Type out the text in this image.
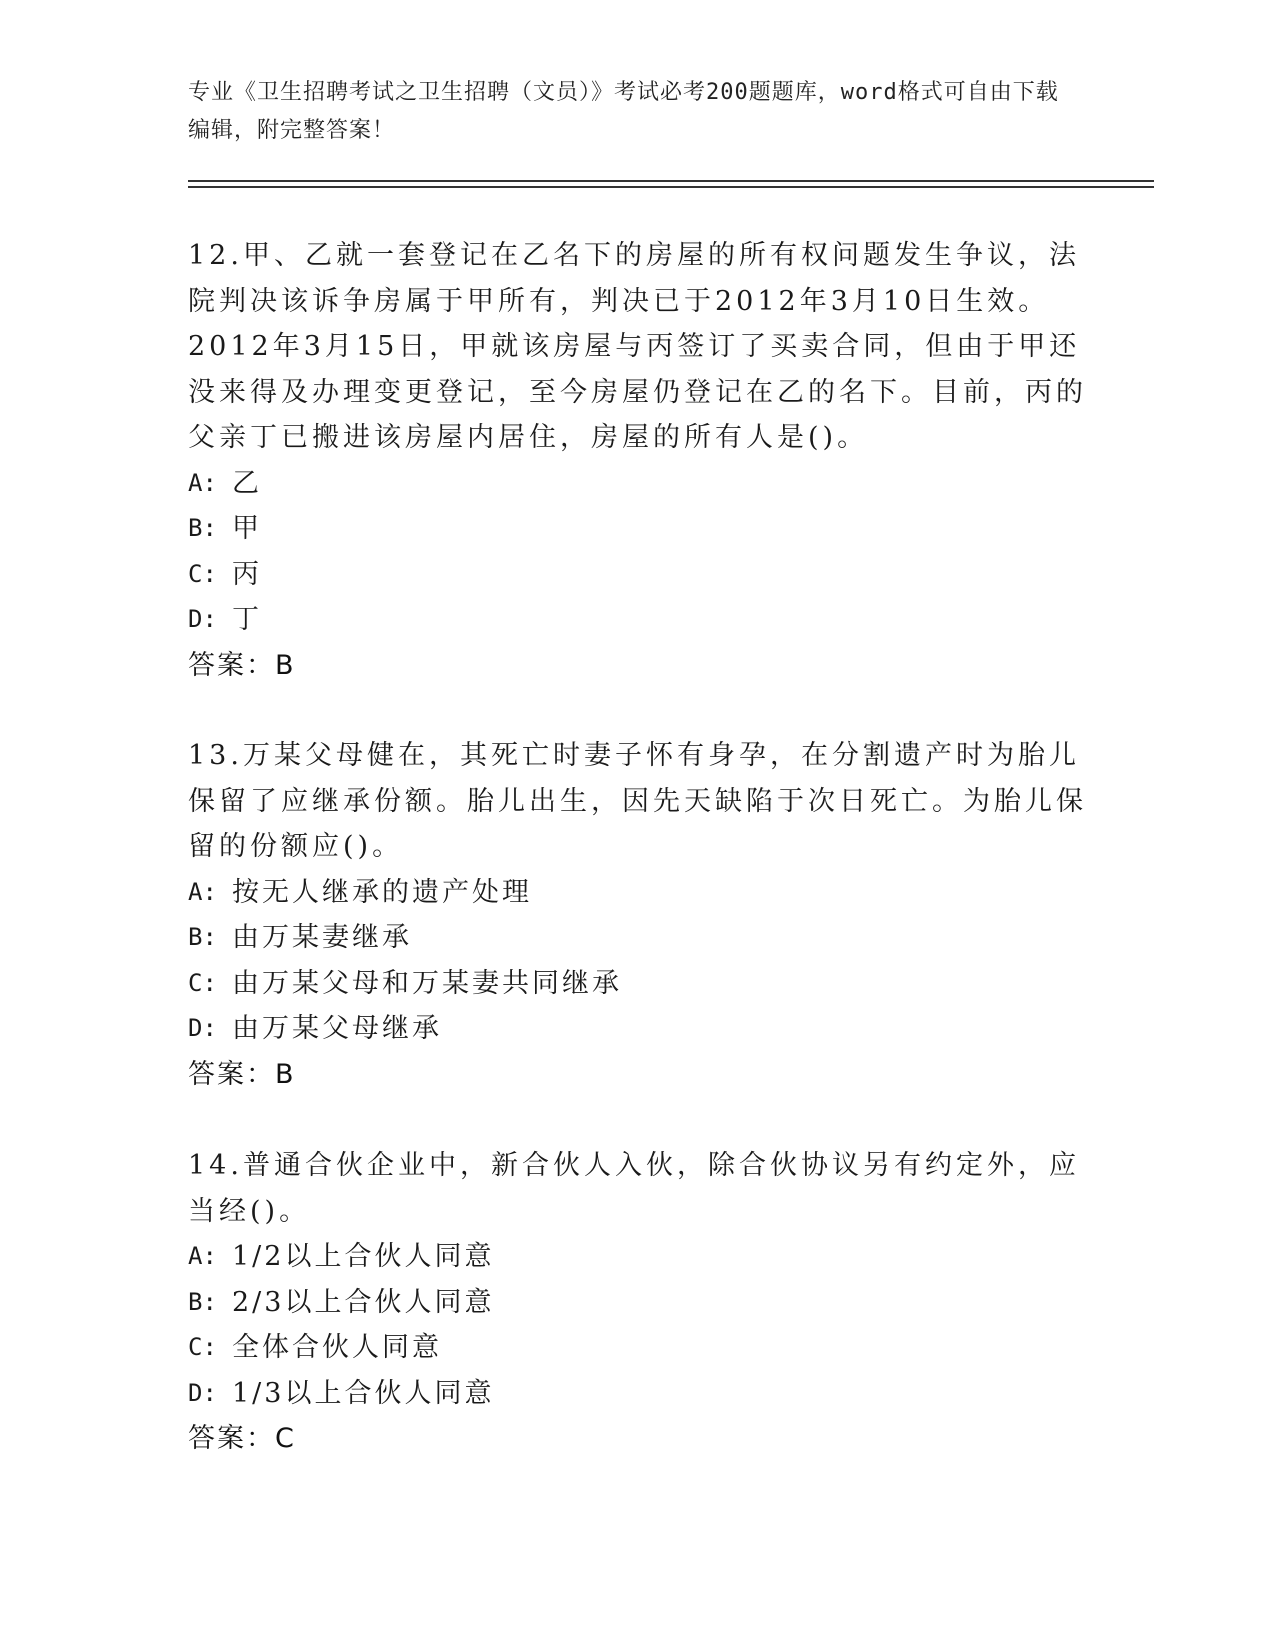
专业《卫生招聘考试之卫生招聘（文员）》考试必考200题题库，word格式可自由下载编辑，附完整答案！

12.甲、乙就一套登记在乙名下的房屋的所有权问题发生争议，法院判决该诉争房属于甲所有，判决已于2012年3月10日生效。2012年3月15日，甲就该房屋与丙签订了买卖合同，但由于甲还没来得及办理变更登记，至今房屋仍登记在乙的名下。目前，丙的父亲丁已搬进该房屋内居住，房屋的所有人是()。

A: 乙

B: 甲

C: 丙

D: 丁

答案：B

13.万某父母健在，其死亡时妻子怀有身孕，在分割遗产时为胎儿保留了应继承份额。胎儿出生，因先天缺陷于次日死亡。为胎儿保留的份额应()。

A: 按无人继承的遗产处理

B: 由万某妻继承

C: 由万某父母和万某妻共同继承

D: 由万某父母继承

答案：B

14.普通合伙企业中，新合伙人入伙，除合伙协议另有约定外，应当经()。

A: 1/2以上合伙人同意

B: 2/3以上合伙人同意

C: 全体合伙人同意

D: 1/3以上合伙人同意

答案：C
